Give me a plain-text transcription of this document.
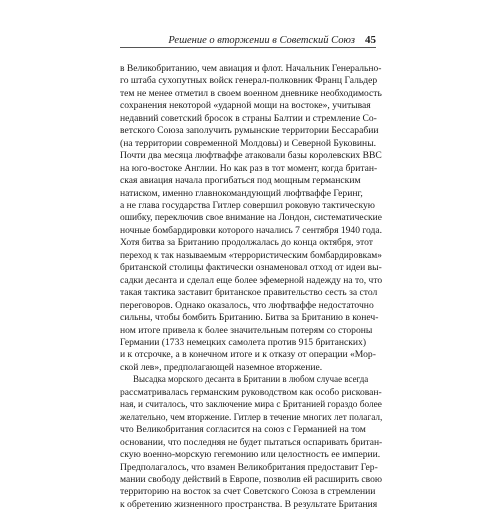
Решение о вторжении в Советский Союз 45

в Великобританию, чем авиация и флот. Начальник Генерально-
го штаба сухопутных войск генерал-полковник Франц Гальдер
тем не менее отметил в своем военном дневнике необходимость
сохранения некоторой «ударной мощи на востоке», учитывая
недавний советский бросок в страны Балтии и стремление Со-
ветского Союза заполучить румынские территории Бессарабии
(на территории современной Молдовы) и Северной Буковины.
Почти два месяца люфтваффе атаковали базы королевских ВВС
на юго-востоке Англии. Но как раз в тот момент, когда британ-
ская авиация начала прогибаться под мощным германским
натиском, именно главнокомандующий люфтваффе Геринг,
а не глава государства Гитлер совершил роковую тактическую
ошибку, переключив свое внимание на Лондон, систематические
ночные бомбардировки которого начались 7 сентября 1940 года.
Хотя битва за Британию продолжалась до конца октября, этот
переход к так называемым «террористическим бомбардировкам»
британской столицы фактически ознаменовал отход от идеи вы-
садки десанта и сделал еще более эфемерной надежду на то, что
такая тактика заставит британское правительство сесть за стол
переговоров. Однако оказалось, что люфтваффе недостаточно
сильны, чтобы бомбить Британию. Битва за Британию в конеч-
ном итоге привела к более значительным потерям со стороны
Германии (1733 немецких самолета против 915 британских)
и к отсрочке, а в конечном итоге и к отказу от операции «Мор-
ской лев», предполагающей наземное вторжение.

Высадка морского десанта в Британии в любом случае всегда
рассматривалась германским руководством как особо рискован-
ная, и считалось, что заключение мира с Британией гораздо более
желательно, чем вторжение. Гитлер в течение многих лет полагал,
что Великобритания согласится на союз с Германией на том
основании, что последняя не будет пытаться оспаривать британ-
скую военно-морскую гегемонию или целостность ее империи.
Предполагалось, что взамен Великобритания предоставит Гер-
мании свободу действий в Европе, позволив ей расширить свою
территорию на восток за счет Советского Союза в стремлении
к обретению жизненного пространства. В результате Британия
